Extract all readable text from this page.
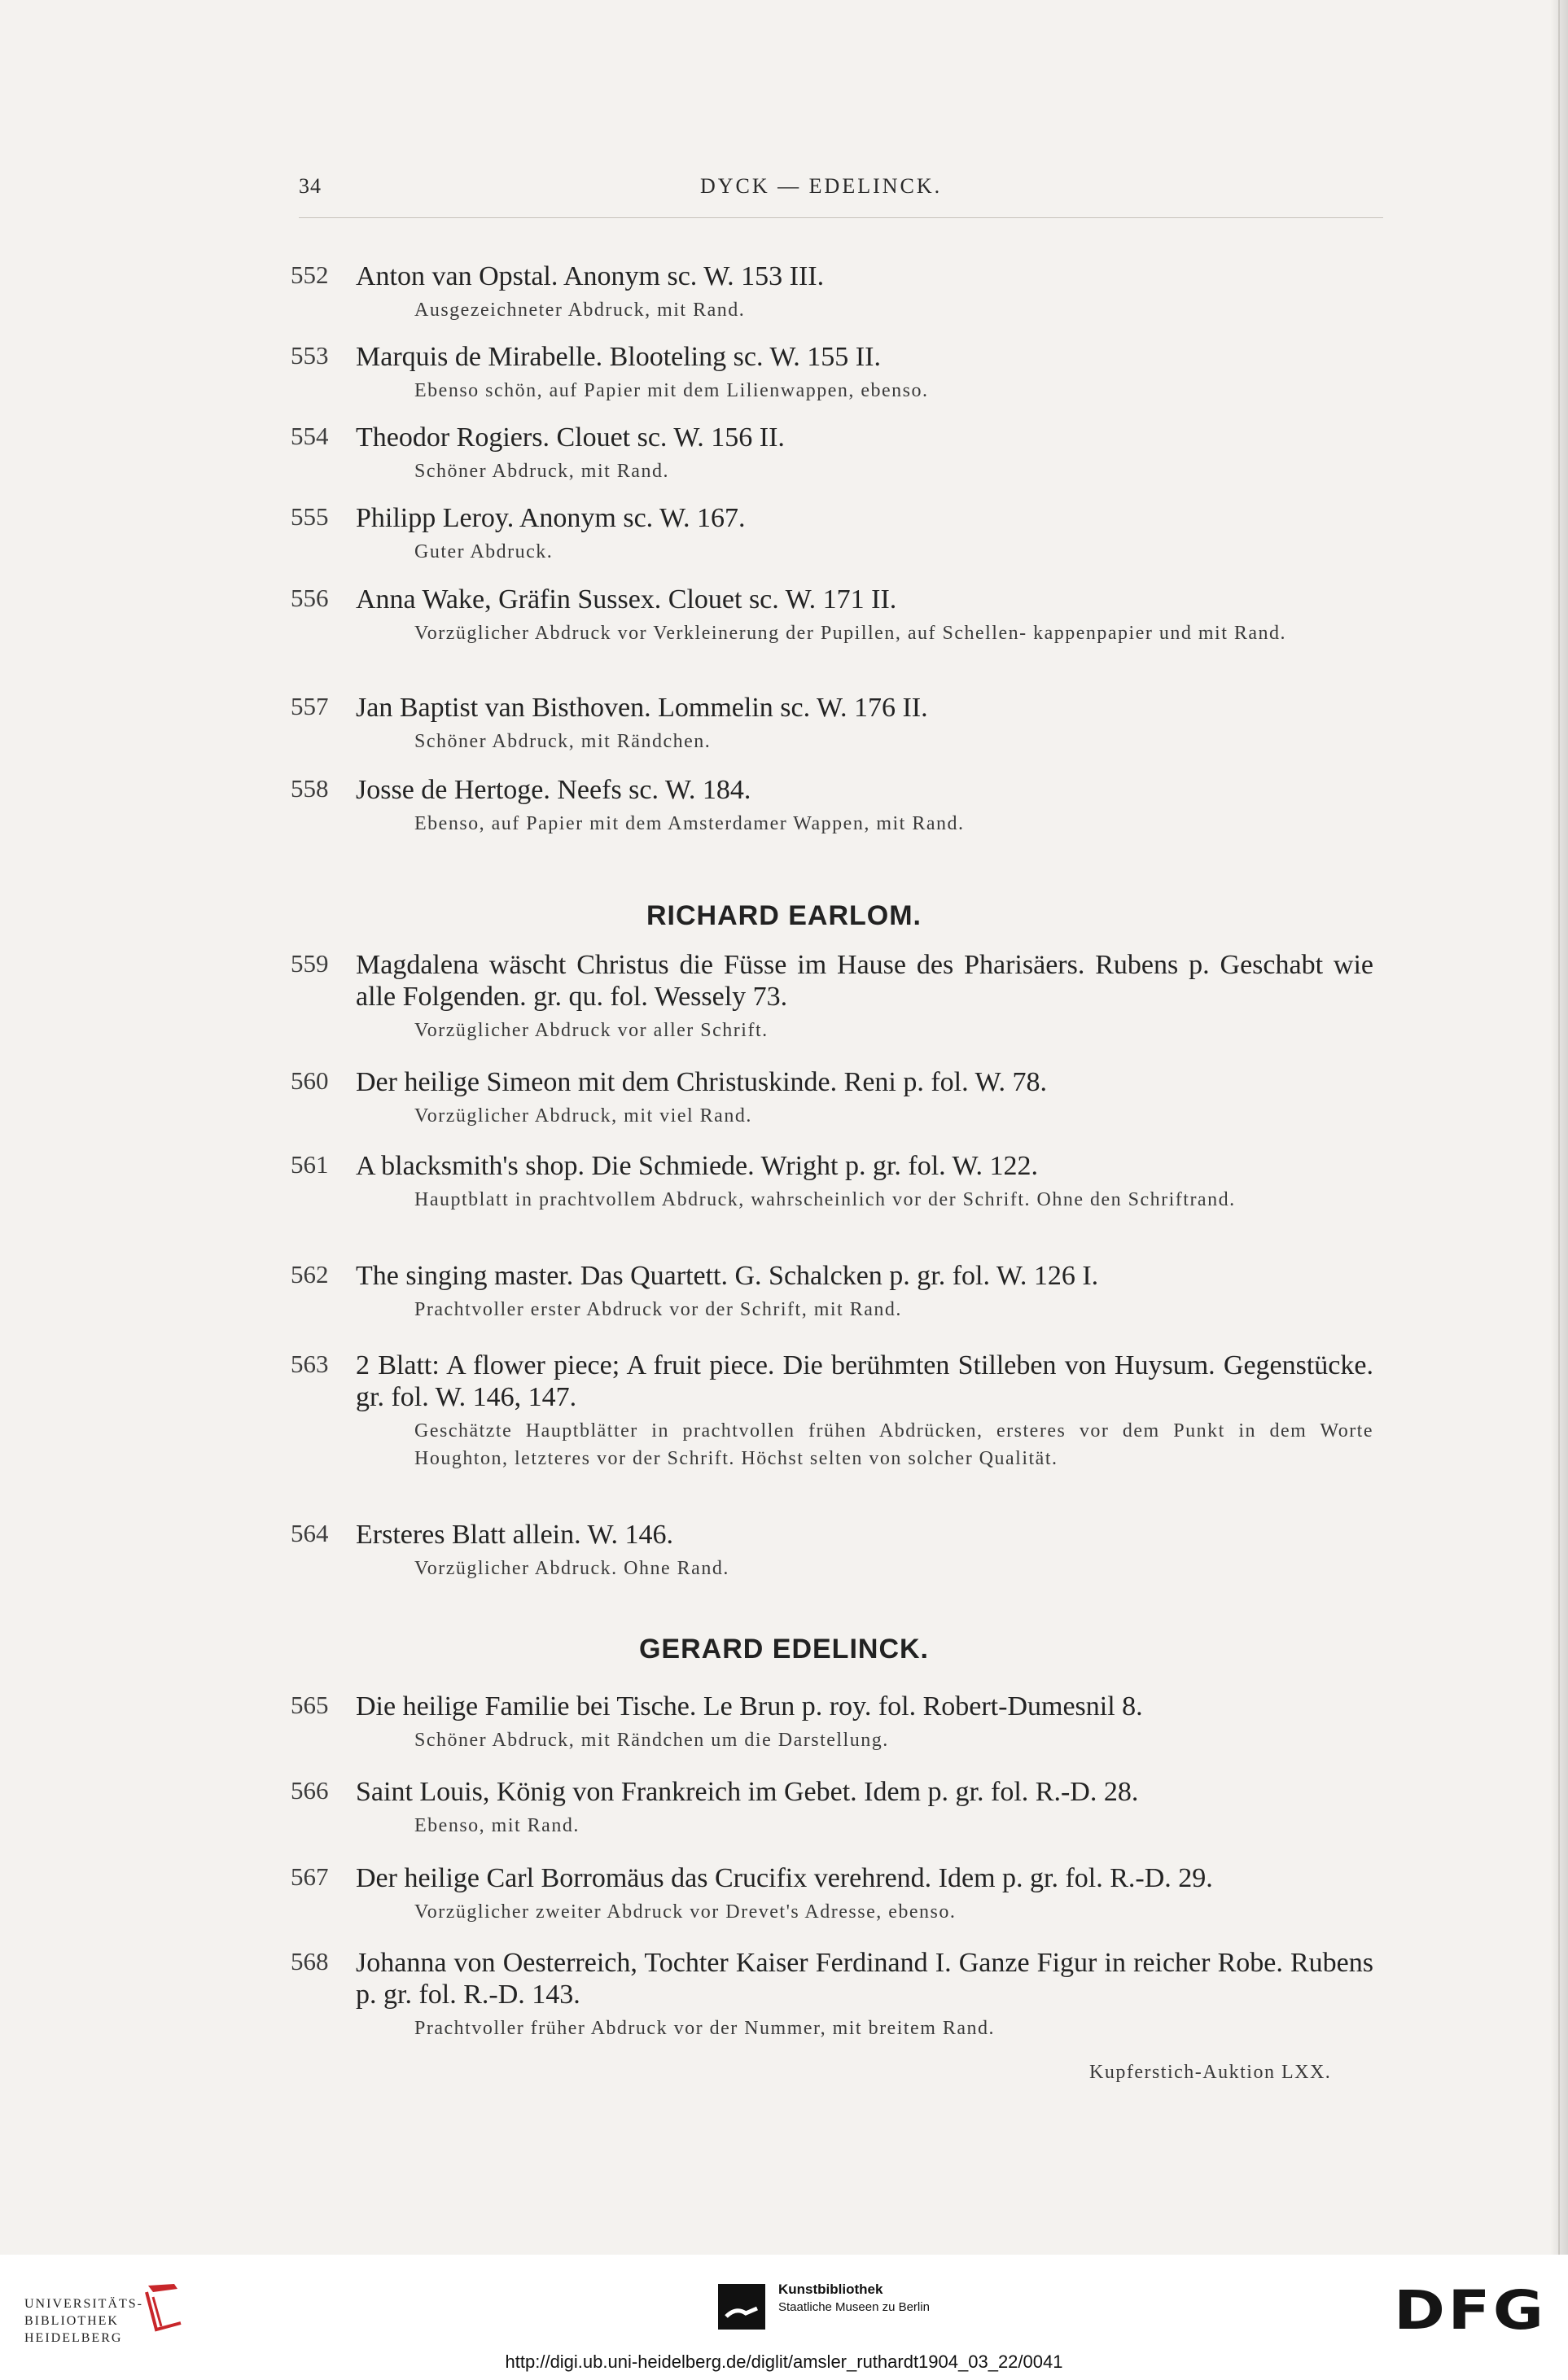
34	DYCK — EDELINCK.
552 Anton van Opstal. Anonym sc. W. 153 III.
Ausgezeichneter Abdruck, mit Rand.
553 Marquis de Mirabelle. Blooteling sc. W. 155 II.
Ebenso schön, auf Papier mit dem Lilienwappen, ebenso.
554 Theodor Rogiers. Clouet sc. W. 156 II.
Schöner Abdruck, mit Rand.
555 Philipp Leroy. Anonym sc. W. 167.
Guter Abdruck.
556 Anna Wake, Gräfin Sussex. Clouet sc. W. 171 II.
Vorzüglicher Abdruck vor Verkleinerung der Pupillen, auf Schellen- kappenpapier und mit Rand.
557 Jan Baptist van Bisthoven. Lommelin sc. W. 176 II.
Schöner Abdruck, mit Rändchen.
558 Josse de Hertoge. Neefs sc. W. 184.
Ebenso, auf Papier mit dem Amsterdamer Wappen, mit Rand.
RICHARD EARLOM.
559 Magdalena wäscht Christus die Füsse im Hause des Pharisäers. Rubens p. Geschabt wie alle Folgenden. gr. qu. fol. Wessely 73.
Vorzüglicher Abdruck vor aller Schrift.
560 Der heilige Simeon mit dem Christuskinde. Reni p. fol. W. 78.
Vorzüglicher Abdruck, mit viel Rand.
561 A blacksmith's shop. Die Schmiede. Wright p. gr. fol. W. 122.
Hauptblatt in prachtvollem Abdruck, wahrscheinlich vor der Schrift. Ohne den Schriftrand.
562 The singing master. Das Quartett. G. Schalcken p. gr. fol. W. 126 I.
Prachtvoller erster Abdruck vor der Schrift, mit Rand.
563 2 Blatt: A flower piece; A fruit piece. Die berühmten Stilleben von Huysum. Gegenstücke. gr. fol. W. 146, 147.
Geschätzte Hauptblätter in prachtvollen frühen Abdrücken, ersteres vor dem Punkt in dem Worte Houghton, letzteres vor der Schrift. Höchst selten von solcher Qualität.
564 Ersteres Blatt allein. W. 146.
Vorzüglicher Abdruck. Ohne Rand.
GERARD EDELINCK.
565 Die heilige Familie bei Tische. Le Brun p. roy. fol. Robert-Dumesnil 8.
Schöner Abdruck, mit Rändchen um die Darstellung.
566 Saint Louis, König von Frankreich im Gebet. Idem p. gr. fol. R.-D. 28.
Ebenso, mit Rand.
567 Der heilige Carl Borromäus das Crucifix verehrend. Idem p. gr. fol. R.-D. 29.
Vorzüglicher zweiter Abdruck vor Drevet's Adresse, ebenso.
568 Johanna von Oesterreich, Tochter Kaiser Ferdinand I. Ganze Figur in reicher Robe. Rubens p. gr. fol. R.-D. 143.
Prachtvoller früher Abdruck vor der Nummer, mit breitem Rand.
Kupferstich-Auktion LXX.
UNIVERSITÄTS-
BIBLIOTHEK
HEIDELBERG
Kunstbibliothek
Staatliche Museen zu Berlin	DFG
http://digi.ub.uni-heidelberg.de/diglit/amsler_ruthardt1904_03_22/0041
